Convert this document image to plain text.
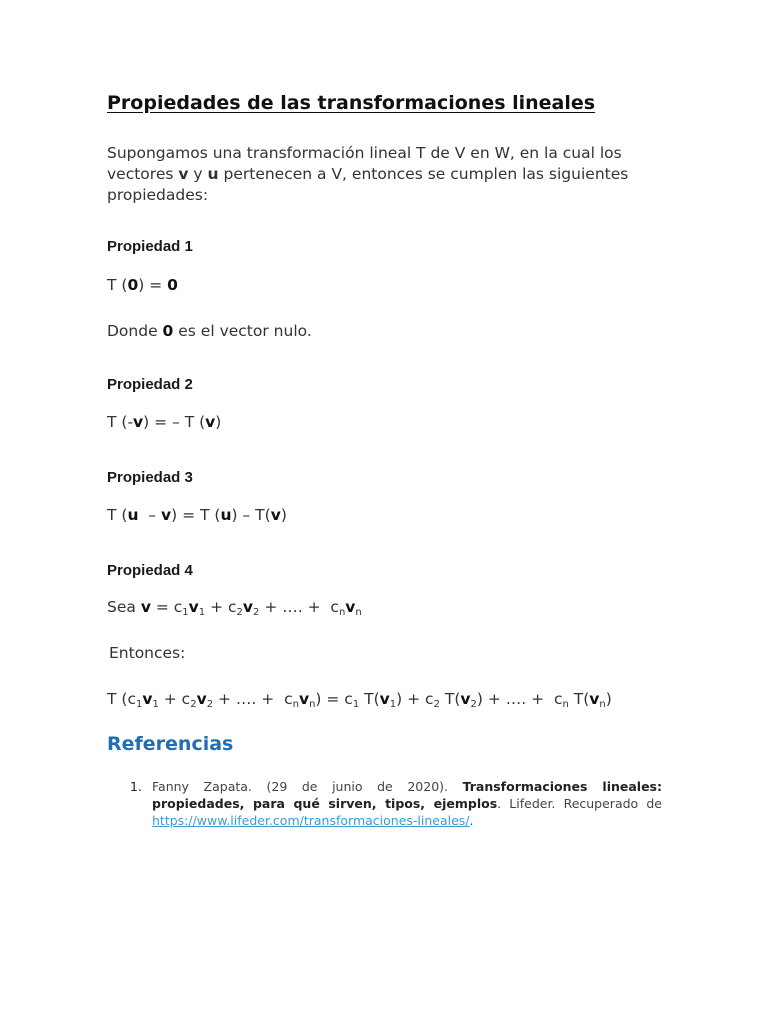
Propiedades de las transformaciones lineales
Supongamos una transformación lineal T de V en W, en la cual los vectores v y u pertenecen a V, entonces se cumplen las siguientes propiedades:
Propiedad 1
T (0) = 0
Donde 0 es el vector nulo.
Propiedad 2
T (-v) = – T (v)
Propiedad 3
T (u  – v) = T (u) – T(v)
Propiedad 4
Sea $v = c_1v_1 + c_2v_2$ + …. +  $c_nv_n$
Entonces:
T ($c_1v_1 + c_2v_2$ + …. +  $c_nv_n) = c_1$ $T(v_1) + c_2$ $T(v_2)$ + …. +  $c_n$ $T(v_n)$
Referencias
1. Fanny Zapata. (29 de junio de 2020). Transformaciones lineales: propiedades, para qué sirven, tipos, ejemplos. Lifeder. Recuperado de https://www.lifeder.com/transformaciones-lineales/.
